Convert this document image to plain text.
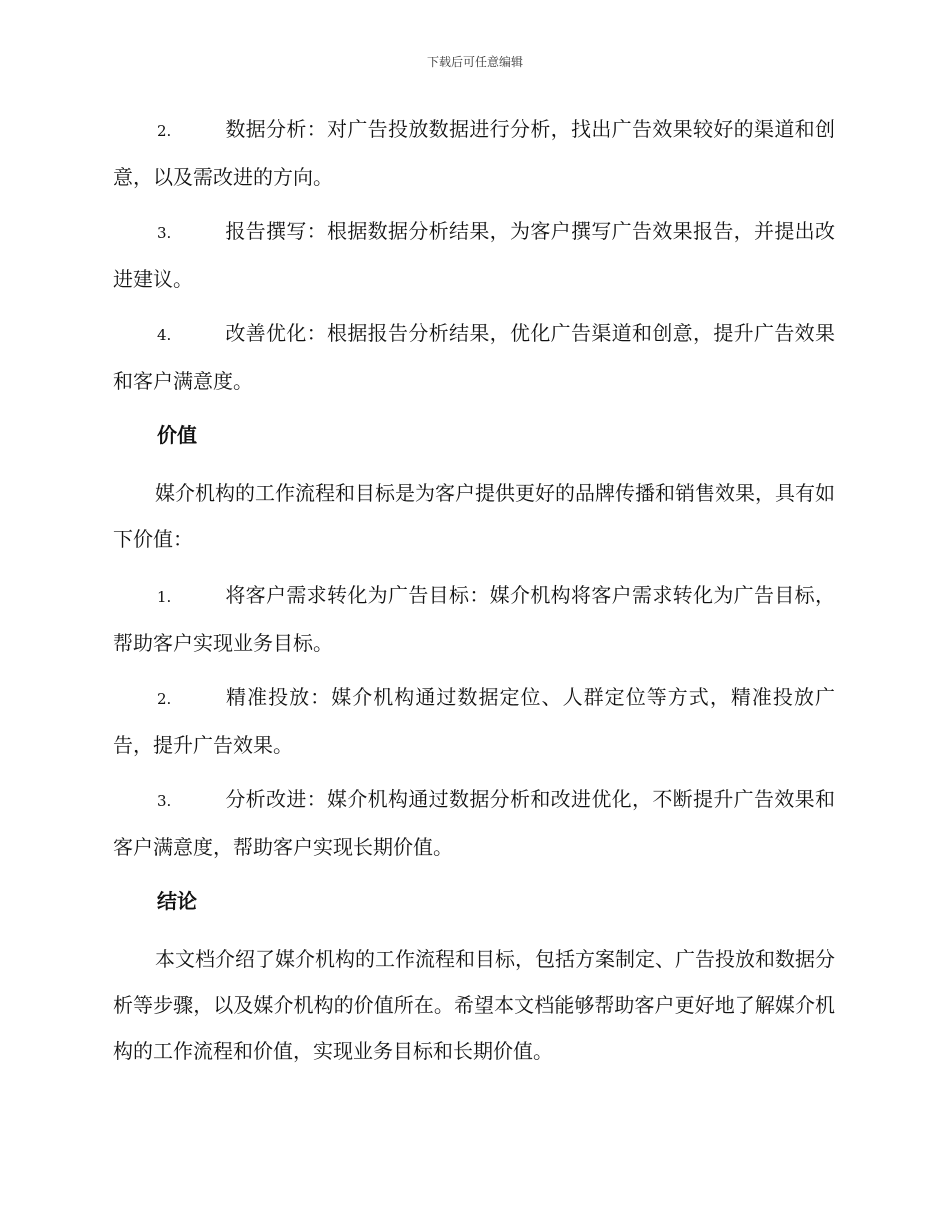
下载后可任意编辑
2.	数据分析：对广告投放数据进行分析，找出广告效果较好的渠道和创意，以及需改进的方向。
3.	报告撰写：根据数据分析结果，为客户撰写广告效果报告，并提出改进建议。
4.	改善优化：根据报告分析结果，优化广告渠道和创意，提升广告效果和客户满意度。
价值
媒介机构的工作流程和目标是为客户提供更好的品牌传播和销售效果，具有如下价值：
1.	将客户需求转化为广告目标：媒介机构将客户需求转化为广告目标，帮助客户实现业务目标。
2.	精准投放：媒介机构通过数据定位、人群定位等方式，精准投放广告，提升广告效果。
3.	分析改进：媒介机构通过数据分析和改进优化，不断提升广告效果和客户满意度，帮助客户实现长期价值。
结论
本文档介绍了媒介机构的工作流程和目标，包括方案制定、广告投放和数据分析等步骤，以及媒介机构的价值所在。希望本文档能够帮助客户更好地了解媒介机构的工作流程和价值，实现业务目标和长期价值。
